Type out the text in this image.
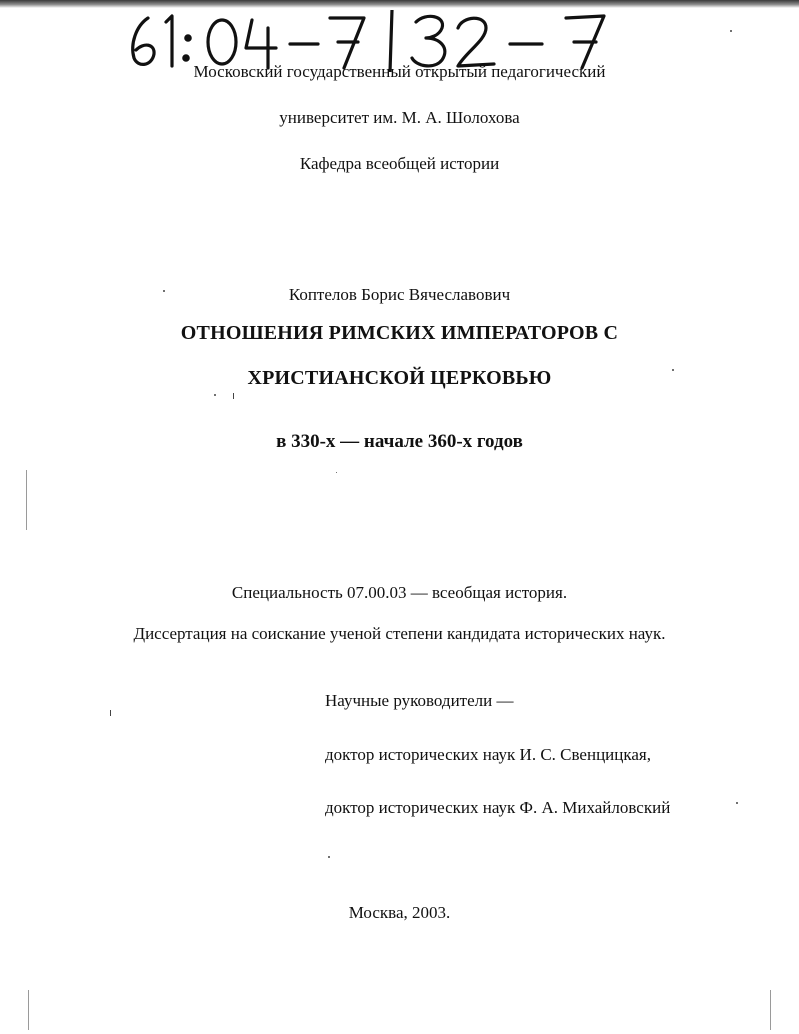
Московский государственный открытый педагогический
университет им. М. А. Шолохова
Кафедра всеобщей истории
Коптелов Борис Вячеславович
ОТНОШЕНИЯ РИМСКИХ ИМПЕРАТОРОВ С
ХРИСТИАНСКОЙ ЦЕРКОВЬЮ
в 330-х — начале 360-х годов
Специальность 07.00.03 — всеобщая история.
Диссертация на соискание ученой степени кандидата исторических наук.
Научные руководители —
доктор исторических наук И. С. Свенцицкая,
доктор исторических наук Ф. А. Михайловский
Москва, 2003.
